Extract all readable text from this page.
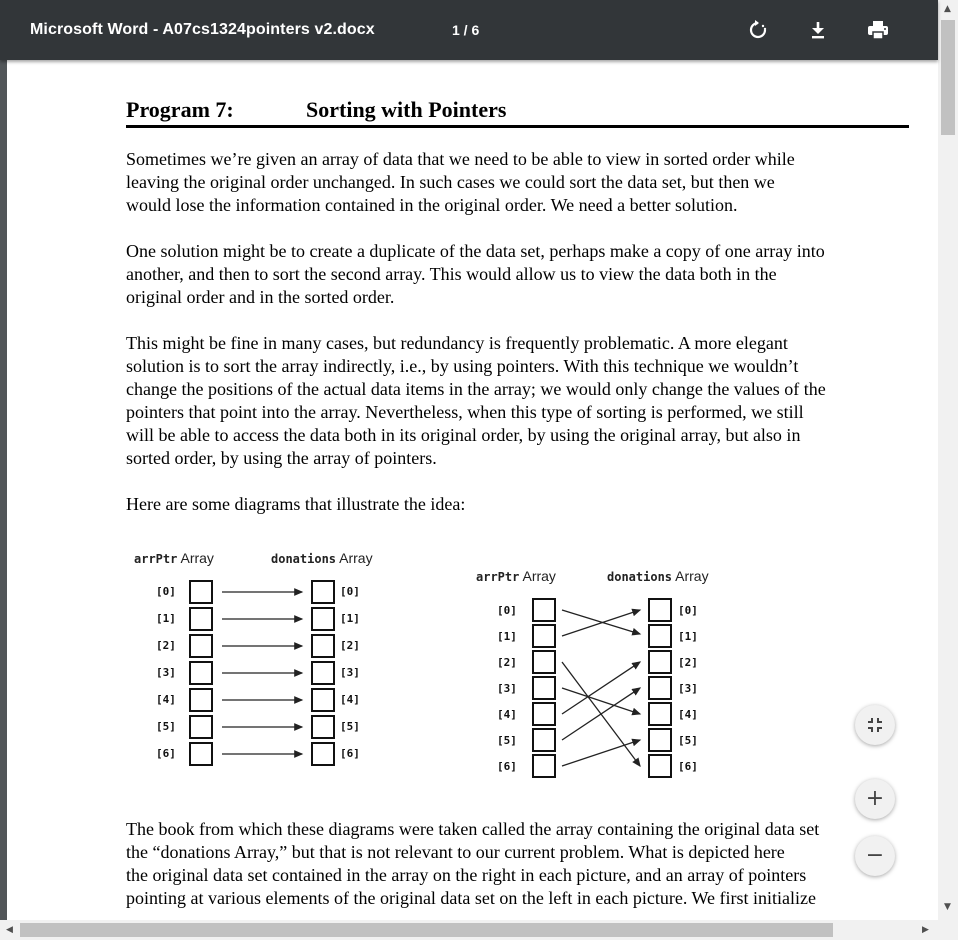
Microsoft Word - A07cs1324pointers v2.docx	1 / 6
Program 7:	Sorting with Pointers
Sometimes we’re given an array of data that we need to be able to view in sorted order while
leaving the original order unchanged. In such cases we could sort the data set, but then we
would lose the information contained in the original order. We need a better solution.
One solution might be to create a duplicate of the data set, perhaps make a copy of one array into
another, and then to sort the second array. This would allow us to view the data both in the
original order and in the sorted order.
This might be fine in many cases, but redundancy is frequently problematic. A more elegant
solution is to sort the array indirectly, i.e., by using pointers. With this technique we wouldn’t
change the positions of the actual data items in the array; we would only change the values of the
pointers that point into the array. Nevertheless, when this type of sorting is performed, we still
will be able to access the data both in its original order, by using the original array, but also in
sorted order, by using the array of pointers.
Here are some diagrams that illustrate the idea:
arrPtr Array	donations Array
[0]
[1]
[2]
[3]
[4]
[5]
[6]
[0]
[1]
[2]
[3]
[4]
[5]
[6]
arrPtr Array	donations Array
[0]
[1]
[2]
[3]
[4]
[5]
[6]
[0]
[1]
[2]
[3]
[4]
[5]
[6]
The book from which these diagrams were taken called the array containing the original data set
the “donations Array,” but that is not relevant to our current problem. What is depicted here
the original data set contained in the array on the right in each picture, and an array of pointers
pointing at various elements of the original data set on the left in each picture. We first initialize
+
−
▲
▼
◀	▶
